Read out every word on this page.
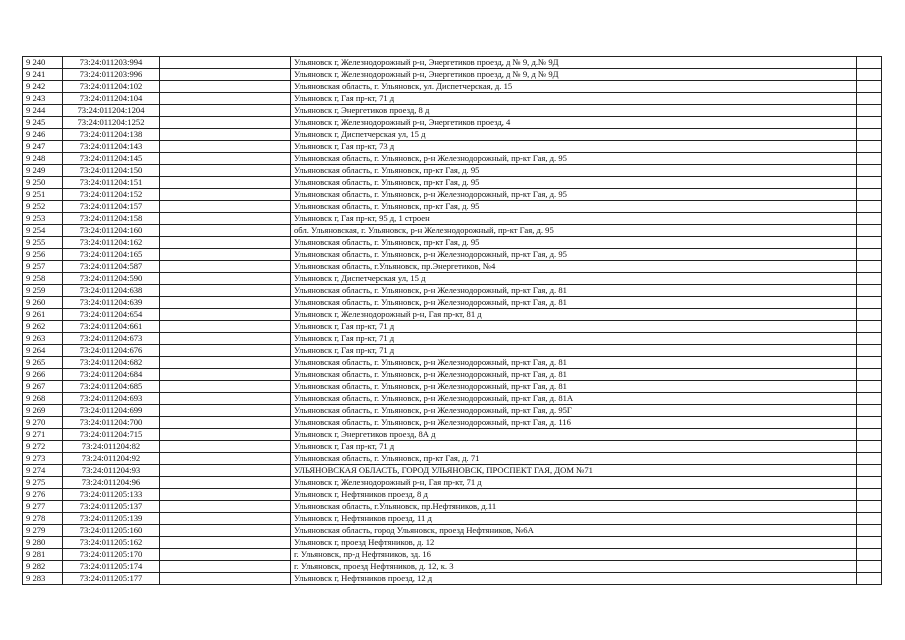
9 240	73:24:011203:994		Ульяновск г, Железнодорожный р-н, Энергетиков проезд, д № 9, д.№ 9Д	
9 241	73:24:011203:996		Ульяновск г, Железнодорожный р-н, Энергетиков проезд, д № 9, д № 9Д	
9 242	73:24:011204:102		Ульяновская область, г. Ульяновск, ул. Диспетчерская, д. 15	
9 243	73:24:011204:104		Ульяновск г, Гая пр-кт, 71 д	
9 244	73:24:011204:1204		Ульяновск г, Энергетиков проезд, 8 д	
9 245	73:24:011204:1252		Ульяновск г, Железнодорожный р-н, Энергетиков проезд, 4	
9 246	73:24:011204:138		Ульяновск г, Диспетчерская ул, 15 д	
9 247	73:24:011204:143		Ульяновск г, Гая пр-кт, 73 д	
9 248	73:24:011204:145		Ульяновская область, г. Ульяновск, р-н Железнодорожный, пр-кт Гая, д. 95	
9 249	73:24:011204:150		Ульяновская область, г. Ульяновск, пр-кт Гая, д. 95	
9 250	73:24:011204:151		Ульяновская область, г. Ульяновск, пр-кт Гая, д. 95	
9 251	73:24:011204:152		Ульяновская область, г. Ульяновск, р-н Железнодорожный, пр-кт Гая, д. 95	
9 252	73:24:011204:157		Ульяновская область, г. Ульяновск, пр-кт Гая, д. 95	
9 253	73:24:011204:158		Ульяновск г, Гая пр-кт, 95 д, 1 строен	
9 254	73:24:011204:160		обл. Ульяновская, г. Ульяновск, р-н Железнодорожный, пр-кт Гая, д. 95	
9 255	73:24:011204:162		Ульяновская область, г. Ульяновск, пр-кт Гая, д. 95	
9 256	73:24:011204:165		Ульяновская область, г. Ульяновск, р-н Железнодорожный, пр-кт Гая, д. 95	
9 257	73:24:011204:587		Ульяновская область, г.Ульяновск, пр.Энергетиков, №4	
9 258	73:24:011204:590		Ульяновск г, Диспетчерская ул, 15 д	
9 259	73:24:011204:638		Ульяновская область, г. Ульяновск, р-н Железнодорожный, пр-кт Гая, д. 81	
9 260	73:24:011204:639		Ульяновская область, г. Ульяновск, р-н Железнодорожный, пр-кт Гая, д. 81	
9 261	73:24:011204:654		Ульяновск г, Железнодорожный р-н, Гая пр-кт, 81 д	
9 262	73:24:011204:661		Ульяновск г, Гая пр-кт, 71 д	
9 263	73:24:011204:673		Ульяновск г, Гая пр-кт, 71 д	
9 264	73:24:011204:676		Ульяновск г, Гая пр-кт, 71 д	
9 265	73:24:011204:682		Ульяновская область, г. Ульяновск, р-н Железнодорожный, пр-кт Гая, д. 81	
9 266	73:24:011204:684		Ульяновская область, г. Ульяновск, р-н Железнодорожный, пр-кт Гая, д. 81	
9 267	73:24:011204:685		Ульяновская область, г. Ульяновск, р-н Железнодорожный, пр-кт Гая, д. 81	
9 268	73:24:011204:693		Ульяновская область, г. Ульяновск, р-н Железнодорожный, пр-кт Гая, д. 81А	
9 269	73:24:011204:699		Ульяновская область, г. Ульяновск, р-н Железнодорожный, пр-кт Гая, д. 95Г	
9 270	73:24:011204:700		Ульяновская область, г. Ульяновск, р-н Железнодорожный, пр-кт Гая, д. 116	
9 271	73:24:011204:715		Ульяновск г, Энергетиков проезд, 8А д	
9 272	73:24:011204:82		Ульяновск г, Гая пр-кт, 71 д	
9 273	73:24:011204:92		Ульяновская область, г. Ульяновск, пр-кт Гая, д. 71	
9 274	73:24:011204:93		УЛЬЯНОВСКАЯ ОБЛАСТЬ, ГОРОД УЛЬЯНОВСК, ПРОСПЕКТ ГАЯ, ДОМ №71	
9 275	73:24:011204:96		Ульяновск г, Железнодорожный р-н, Гая пр-кт, 71 д	
9 276	73:24:011205:133		Ульяновск г, Нефтяников проезд, 8 д	
9 277	73:24:011205:137		Ульяновская область, г.Ульяновск, пр.Нефтяников, д.11	
9 278	73:24:011205:139		Ульяновск г, Нефтяников проезд, 11 д	
9 279	73:24:011205:160		Ульяновская область, город Ульяновск, проезд Нефтяников, №6А	
9 280	73:24:011205:162		Ульяновск г, проезд Нефтяников, д. 12	
9 281	73:24:011205:170		г. Ульяновск, пр-д Нефтяников, зд. 16	
9 282	73:24:011205:174		г. Ульяновск, проезд Нефтяников, д. 12, к. 3	
9 283	73:24:011205:177		Ульяновск г, Нефтяников проезд, 12 д	
